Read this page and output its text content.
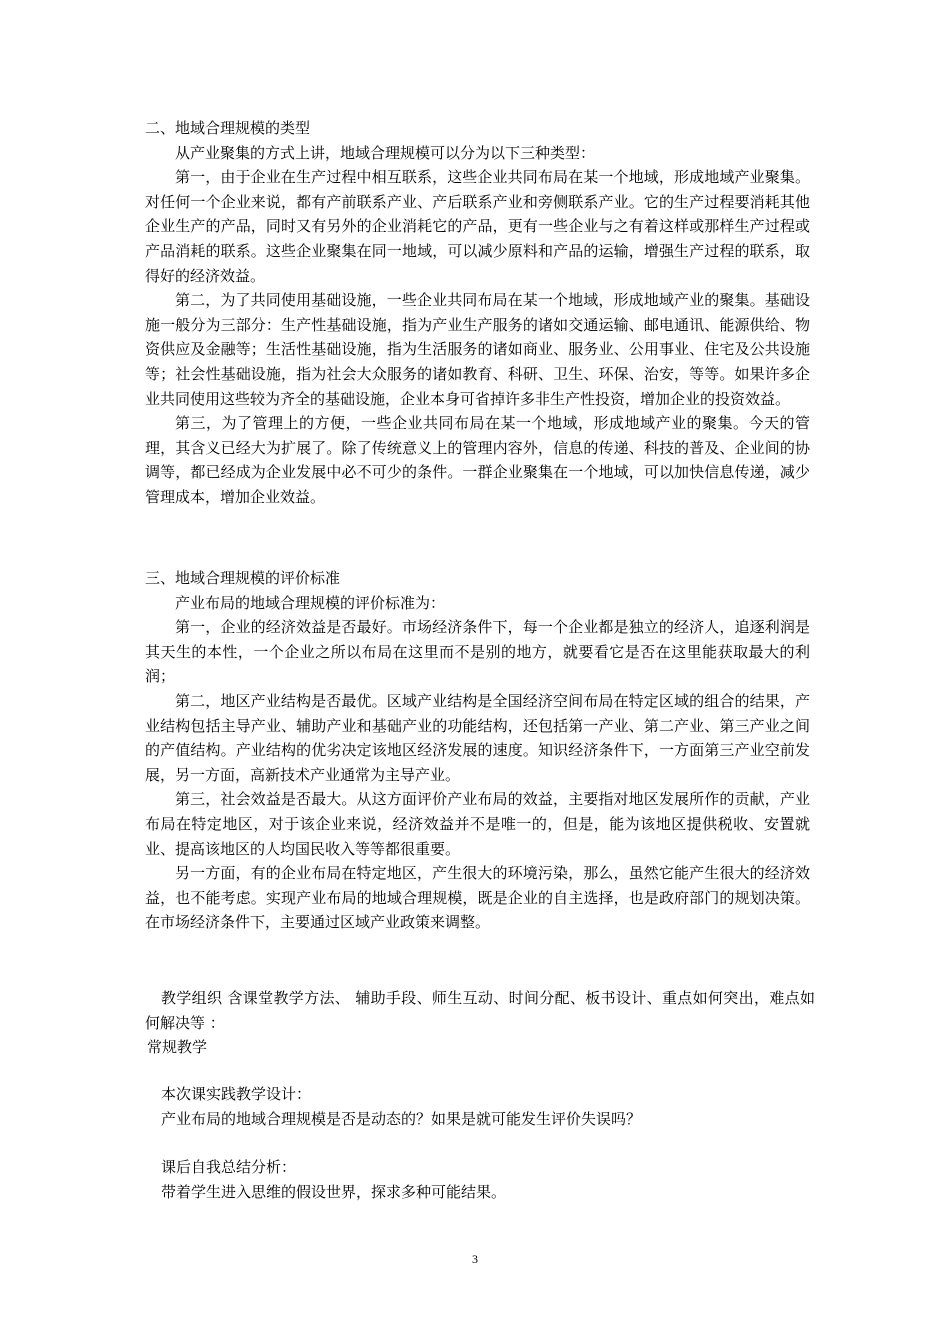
二、地域合理规模的类型

从产业聚集的方式上讲，地域合理规模可以分为以下三种类型：

第一，由于企业在生产过程中相互联系，这些企业共同布局在某一个地域，形成地域产业聚集。对任何一个企业来说，都有产前联系产业、产后联系产业和旁侧联系产业。它的生产过程要消耗其他企业生产的产品，同时又有另外的企业消耗它的产品，更有一些企业与之有着这样或那样生产过程或产品消耗的联系。这些企业聚集在同一地域，可以减少原料和产品的运输，增强生产过程的联系，取得好的经济效益。

第二，为了共同使用基础设施，一些企业共同布局在某一个地域，形成地域产业的聚集。基础设施一般分为三部分：生产性基础设施，指为产业生产服务的诸如交通运输、邮电通讯、能源供给、物资供应及金融等；生活性基础设施，指为生活服务的诸如商业、服务业、公用事业、住宅及公共设施等；社会性基础设施，指为社会大众服务的诸如教育、科研、卫生、环保、治安，等等。如果许多企业共同使用这些较为齐全的基础设施，企业本身可省掉许多非生产性投资，增加企业的投资效益。

第三，为了管理上的方便，一些企业共同布局在某一个地域，形成地域产业的聚集。今天的管理，其含义已经大为扩展了。除了传统意义上的管理内容外，信息的传递、科技的普及、企业间的协调等，都已经成为企业发展中必不可少的条件。一群企业聚集在一个地域，可以加快信息传递，减少管理成本，增加企业效益。

三、地域合理规模的评价标准

产业布局的地域合理规模的评价标准为：

第一，企业的经济效益是否最好。市场经济条件下，每一个企业都是独立的经济人，追逐利润是其天生的本性，一个企业之所以布局在这里而不是别的地方，就要看它是否在这里能获取最大的利润；

第二，地区产业结构是否最优。区域产业结构是全国经济空间布局在特定区域的组合的结果，产业结构包括主导产业、辅助产业和基础产业的功能结构，还包括第一产业、第二产业、第三产业之间的产值结构。产业结构的优劣决定该地区经济发展的速度。知识经济条件下，一方面第三产业空前发展，另一方面，高新技术产业通常为主导产业。

第三，社会效益是否最大。从这方面评价产业布局的效益，主要指对地区发展所作的贡献，产业布局在特定地区，对于该企业来说，经济效益并不是唯一的，但是，能为该地区提供税收、安置就业、提高该地区的人均国民收入等等都很重要。

另一方面，有的企业布局在特定地区，产生很大的环境污染，那么，虽然它能产生很大的经济效益，也不能考虑。实现产业布局的地域合理规模，既是企业的自主选择，也是政府部门的规划决策。在市场经济条件下，主要通过区域产业政策来调整。

教学组织 含课堂教学方法、 辅助手段、师生互动、时间分配、板书设计、重点如何突出，难点如何解决等 ：

常规教学

本次课实践教学设计：

产业布局的地域合理规模是否是动态的？如果是就可能发生评价失误吗？

课后自我总结分析：

带着学生进入思维的假设世界，探求多种可能结果。

3
